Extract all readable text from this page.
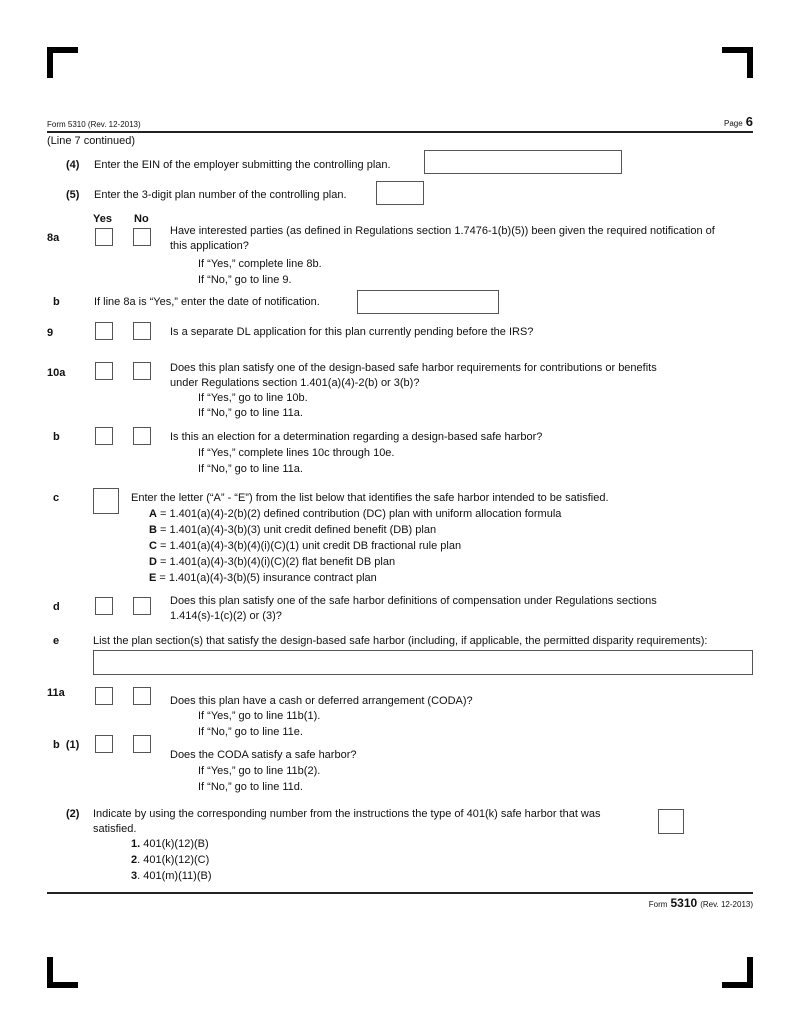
Form 5310 (Rev. 12-2013)	Page 6
(Line 7 continued)
(4) Enter the EIN of the employer submitting the controlling plan.
(5) Enter the 3-digit plan number of the controlling plan.
Yes No
8a
Have interested parties (as defined in Regulations section 1.7476-1(b)(5)) been given the required notification of
this application?
If “Yes,” complete line 8b.
If “No,” go to line 9.
b	If line 8a is “Yes,” enter the date of notification.
9	Is a separate DL application for this plan currently pending before the IRS?
10a	Does this plan satisfy one of the design-based safe harbor requirements for contributions or benefits
under Regulations section 1.401(a)(4)-2(b) or 3(b)?
If “Yes,” go to line 10b.
If “No,” go to line 11a.
b	Is this an election for a determination regarding a design-based safe harbor?
If “Yes,” complete lines 10c through 10e.
If “No,” go to line 11a.
c	Enter the letter (“A” - “E”) from the list below that identifies the safe harbor intended to be satisfied.
A = 1.401(a)(4)-2(b)(2) defined contribution (DC) plan with uniform allocation formula
B = 1.401(a)(4)-3(b)(3) unit credit defined benefit (DB) plan
C = 1.401(a)(4)-3(b)(4)(i)(C)(1) unit credit DB fractional rule plan
D = 1.401(a)(4)-3(b)(4)(i)(C)(2) flat benefit DB plan
E = 1.401(a)(4)-3(b)(5) insurance contract plan
d	Does this plan satisfy one of the safe harbor definitions of compensation under Regulations sections
1.414(s)-1(c)(2) or (3)?
e	List the plan section(s) that satisfy the design-based safe harbor (including, if applicable, the permitted disparity requirements):
11a
Does this plan have a cash or deferred arrangement (CODA)?
If “Yes,” go to line 11b(1).
If “No,” go to line 11e.
b  (1)
Does the CODA satisfy a safe harbor?
If “Yes,” go to line 11b(2).
If “No,” go to line 11d.
(2) Indicate by using the corresponding number from the instructions the type of 401(k) safe harbor that was
satisfied.
1. 401(k)(12)(B)
2. 401(k)(12)(C)
3. 401(m)(11)(B)
Form 5310 (Rev. 12-2013)
